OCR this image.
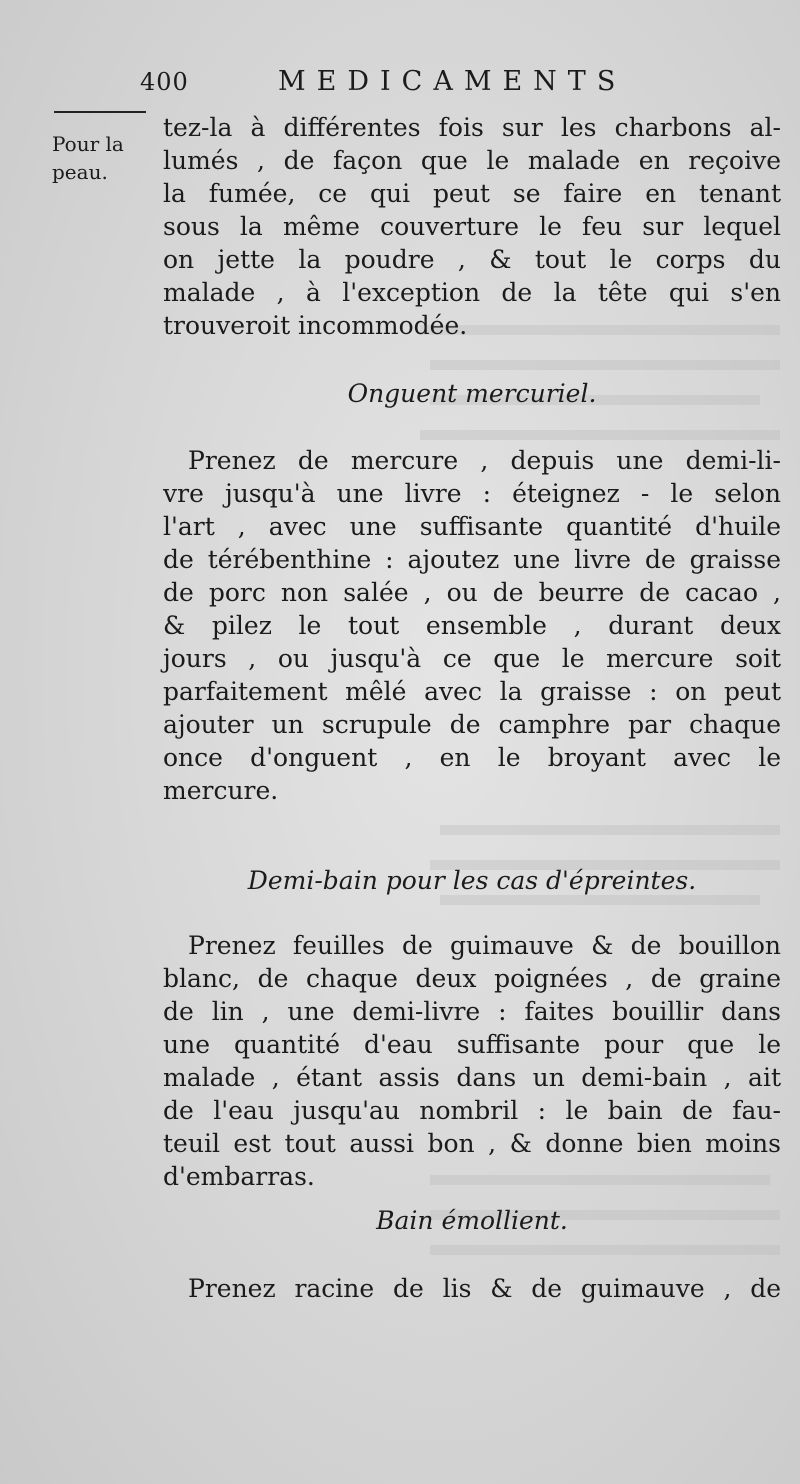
400	MEDICAMENTS
Pour la
peau.
tez-la à différentes fois sur les charbons al-
lumés , de façon que le malade en reçoive
la fumée, ce qui peut se faire en tenant
sous la même couverture le feu sur lequel
on jette la poudre , & tout le corps du
malade , à l'exception de la tête qui s'en
trouveroit incommodée.
Onguent mercuriel.
Prenez de mercure , depuis une demi-li-
vre jusqu'à une livre : éteignez - le selon
l'art , avec une suffisante quantité d'huile
de térébenthine : ajoutez une livre de graisse
de porc non salée , ou de beurre de cacao ,
& pilez le tout ensemble , durant deux
jours , ou jusqu'à ce que le mercure soit
parfaitement mêlé avec la graisse : on peut
ajouter un scrupule de camphre par chaque
once d'onguent , en le broyant avec le
mercure.
Demi-bain pour les cas d'épreintes.
Prenez feuilles de guimauve & de bouillon
blanc, de chaque deux poignées , de graine
de lin , une demi-livre : faites bouillir dans
une quantité d'eau suffisante pour que le
malade , étant assis dans un demi-bain , ait
de l'eau jusqu'au nombril : le bain de fau-
teuil est tout aussi bon , & donne bien moins
d'embarras.
Bain émollient.
Prenez racine de lis & de guimauve , de
